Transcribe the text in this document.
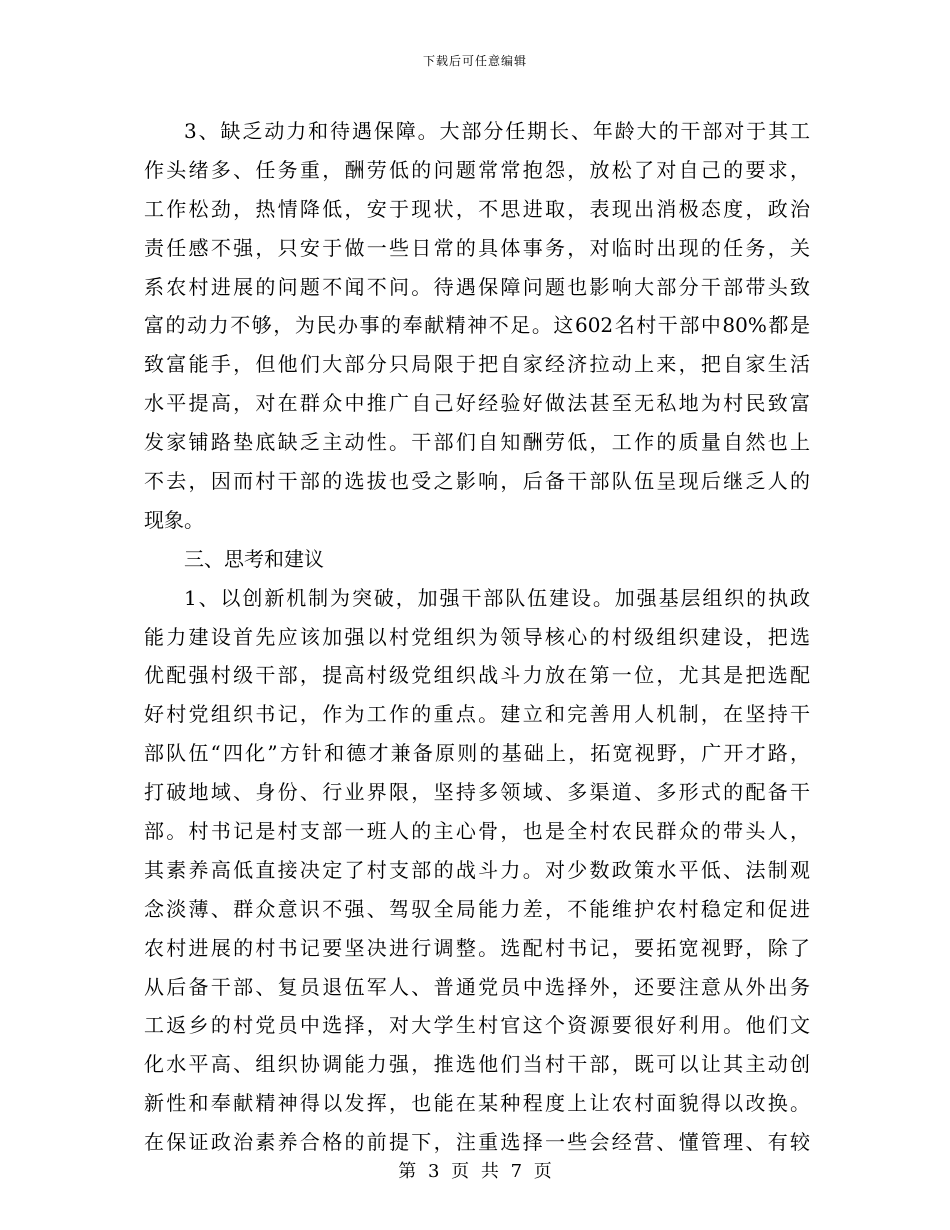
下载后可任意编辑
3、缺乏动力和待遇保障。大部分任期长、年龄大的干部对于其工
作头绪多、任务重，酬劳低的问题常常抱怨，放松了对自己的要求，
工作松劲，热情降低，安于现状，不思进取，表现出消极态度，政治
责任感不强，只安于做一些日常的具体事务，对临时出现的任务，关
系农村进展的问题不闻不问。待遇保障问题也影响大部分干部带头致
富的动力不够，为民办事的奉献精神不足。这602名村干部中80%都是
致富能手，但他们大部分只局限于把自家经济拉动上来，把自家生活
水平提高，对在群众中推广自己好经验好做法甚至无私地为村民致富
发家铺路垫底缺乏主动性。干部们自知酬劳低，工作的质量自然也上
不去，因而村干部的选拔也受之影响，后备干部队伍呈现后继乏人的
现象。
三、思考和建议
1、以创新机制为突破，加强干部队伍建设。加强基层组织的执政
能力建设首先应该加强以村党组织为领导核心的村级组织建设，把选
优配强村级干部，提高村级党组织战斗力放在第一位，尤其是把选配
好村党组织书记，作为工作的重点。建立和完善用人机制，在坚持干
部队伍“四化”方针和德才兼备原则的基础上，拓宽视野，广开才路，
打破地域、身份、行业界限，坚持多领域、多渠道、多形式的配备干
部。村书记是村支部一班人的主心骨，也是全村农民群众的带头人，
其素养高低直接决定了村支部的战斗力。对少数政策水平低、法制观
念淡薄、群众意识不强、驾驭全局能力差，不能维护农村稳定和促进
农村进展的村书记要坚决进行调整。选配村书记，要拓宽视野，除了
从后备干部、复员退伍军人、普通党员中选择外，还要注意从外出务
工返乡的村党员中选择，对大学生村官这个资源要很好利用。他们文
化水平高、组织协调能力强，推选他们当村干部，既可以让其主动创
新性和奉献精神得以发挥，也能在某种程度上让农村面貌得以改换。
在保证政治素养合格的前提下，注重选择一些会经营、懂管理、有较
第 3 页 共 7 页
